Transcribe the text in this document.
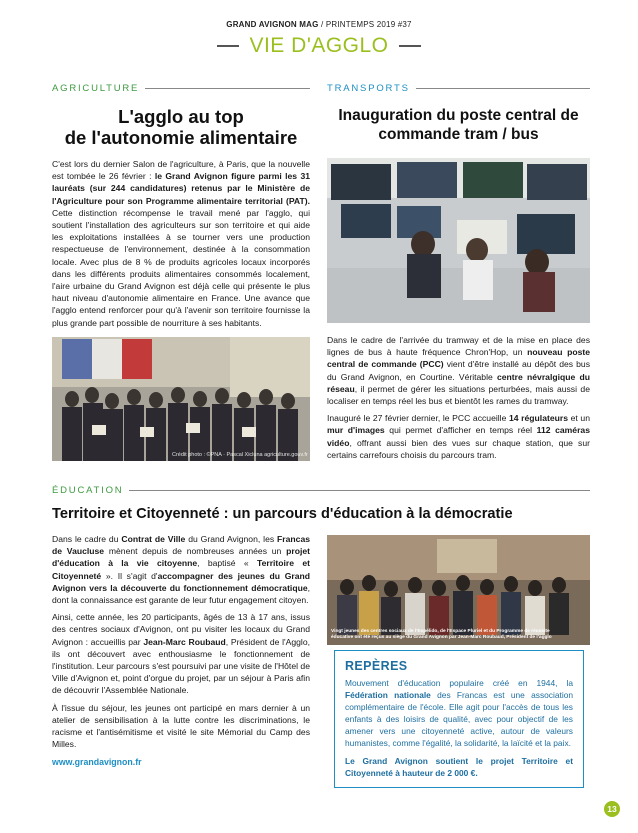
GRAND AVIGNON MAG / PRINTEMPS 2019 #37
VIE D'AGGLO
AGRICULTURE
L'agglo au top
de l'autonomie alimentaire

C'est lors du dernier Salon de l'agriculture, à Paris, que la nouvelle est tombée le 26 février : le Grand Avignon figure parmi les 31 lauréats (sur 244 candidatures) retenus par le Ministère de l'Agriculture pour son Programme alimentaire territorial (PAT). Cette distinction récompense le travail mené par l'agglo, qui soutient l'installation des agriculteurs sur son territoire et qui aide les exploitations installées à se tourner vers une production respectueuse de l'environnement, destinée à la consommation locale. Avec plus de 8 % de produits agricoles locaux incorporés dans les différents produits alimentaires consommés localement, l'aire urbaine du Grand Avignon est déjà celle qui présente le plus haut niveau d'autonomie alimentaire en France. Une avance que l'agglo entend renforcer pour qu'à l'avenir son territoire fournisse la plus grande part possible de nourriture à ses habitants.

Crédit photo : ©PNA · Pascal Xicluna agriculture.gouv.fr
TRANSPORTS
Inauguration du poste central de
commande tram / bus

Dans le cadre de l'arrivée du tramway et de la mise en place des lignes de bus à haute fréquence Chron'Hop, un nouveau poste central de commande (PCC) vient d'être installé au dépôt des bus du Grand Avignon, en Courtine. Véritable centre névralgique du réseau, il permet de gérer les situations perturbées, mais aussi de localiser en temps réel les bus et bientôt les rames du tramway.

Inauguré le 27 février dernier, le PCC accueille 14 régulateurs et un mur d'images qui permet d'afficher en temps réel 112 caméras vidéo, offrant aussi bien des vues sur chaque station, que sur certains carrefours choisis du parcours tram.

ÉDUCATION
Territoire et Citoyenneté : un parcours d'éducation à la démocratie

Dans le cadre du Contrat de Ville du Grand Avignon, les Francas de Vaucluse mènent depuis de nombreuses années un projet d'éducation à la vie citoyenne, baptisé « Territoire et Citoyenneté ». Il s'agit d'accompagner des jeunes du Grand Avignon vers la découverte du fonctionnement démocratique, dont la connaissance est garante de leur futur engagement citoyen.

Ainsi, cette année, les 20 participants, âgés de 13 à 17 ans, issus des centres sociaux d'Avignon, ont pu visiter les locaux du Grand Avignon : accueillis par Jean-Marc Roubaud, Président de l'Agglo, ils ont découvert avec enthousiasme le fonctionnement de l'institution. Leur parcours s'est poursuivi par une visite de l'Hôtel de Ville d'Avignon et, point d'orgue du projet, par un séjour à Paris afin de découvrir l'Assemblée Nationale.

À l'issue du séjour, les jeunes ont participé en mars dernier à un atelier de sensibilisation à la lutte contre les discriminations, le racisme et l'antisémitisme et visité le site Mémorial du Camp des Milles.

www.grandavignon.fr

Vingt jeunes des centres sociaux de l'Espélido, de l'Espace Pluriel et du Programme de réussite éducative ont été reçus au siège du Grand Avignon par Jean-Marc Roubaud, Président de l'agglo
REPÈRES

Mouvement d'éducation populaire créé en 1944, la Fédération nationale des Francas est une association complémentaire de l'école. Elle agit pour l'accès de tous les enfants à des loisirs de qualité, avec pour objectif de les amener vers une citoyenneté active, autour de valeurs humanistes, comme l'égalité, la solidarité, la laïcité et la paix.

Le Grand Avignon soutient le projet Territoire et Citoyenneté à hauteur de 2 000 €.

13
